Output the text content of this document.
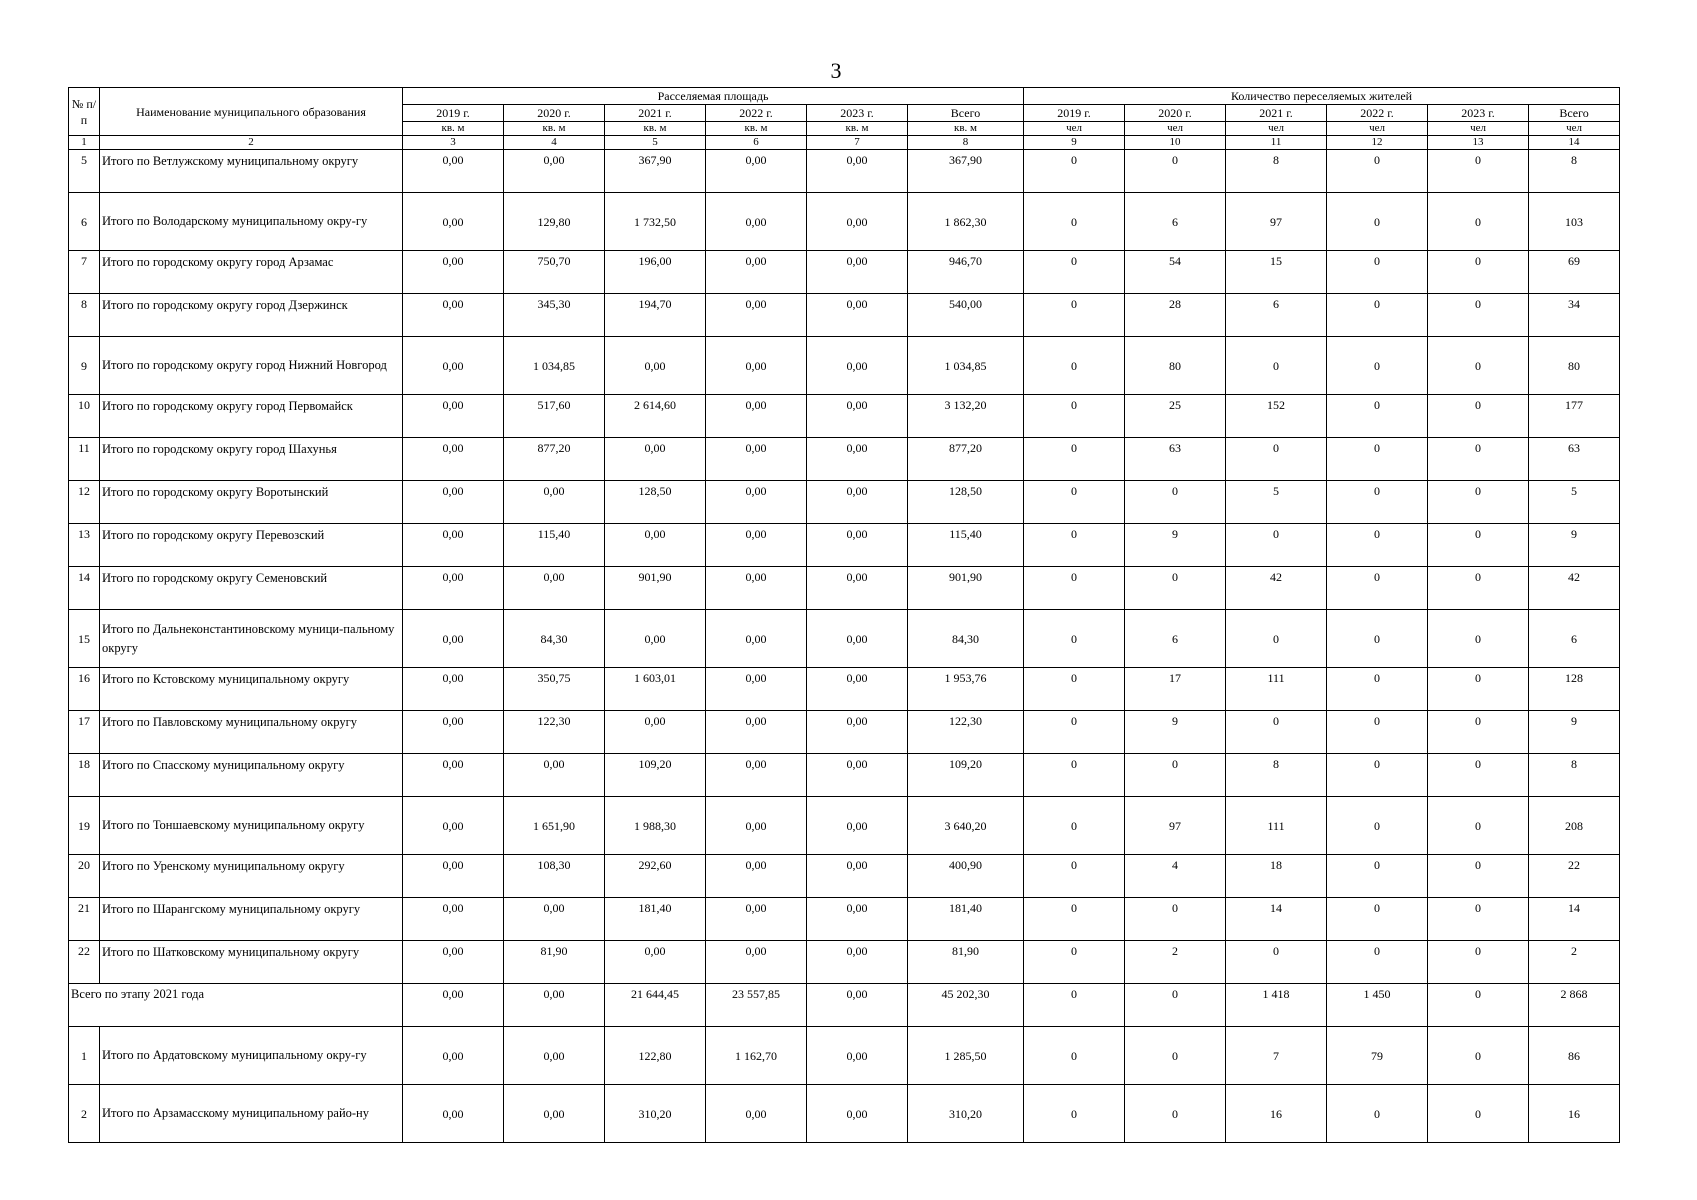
3
№ п/п	Наименование муниципального образования	Расселяемая площадь						Количество переселяемых жителей					
		2019 г.	2020 г.	2021 г.	2022 г.	2023 г.	Всего	2019 г.	2020 г.	2021 г.	2022 г.	2023 г.	Всего
		кв. м	кв. м	кв. м	кв. м	кв. м	кв. м	чел	чел	чел	чел	чел	чел
1	2	3	4	5	6	7	8	9	10	11	12	13	14
5	Итого по Ветлужскому муниципальному округу	0,00	0,00	367,90	0,00	0,00	367,90	0	0	8	0	0	8
6	Итого по Володарскому муниципальному окру-гу	0,00	129,80	1 732,50	0,00	0,00	1 862,30	0	6	97	0	0	103
7	Итого по городскому округу город Арзамас	0,00	750,70	196,00	0,00	0,00	946,70	0	54	15	0	0	69
8	Итого по городскому округу город Дзержинск	0,00	345,30	194,70	0,00	0,00	540,00	0	28	6	0	0	34
9	Итого по городскому округу город Нижний Новгород	0,00	1 034,85	0,00	0,00	0,00	1 034,85	0	80	0	0	0	80
10	Итого по городскому округу город Первомайск	0,00	517,60	2 614,60	0,00	0,00	3 132,20	0	25	152	0	0	177
11	Итого по городскому округу город Шахунья	0,00	877,20	0,00	0,00	0,00	877,20	0	63	0	0	0	63
12	Итого по городскому округу Воротынский	0,00	0,00	128,50	0,00	0,00	128,50	0	0	5	0	0	5
13	Итого по городскому округу Перевозский	0,00	115,40	0,00	0,00	0,00	115,40	0	9	0	0	0	9
14	Итого по городскому округу Семеновский	0,00	0,00	901,90	0,00	0,00	901,90	0	0	42	0	0	42
15	Итого по Дальнеконстантиновскому муници-пальному округу	0,00	84,30	0,00	0,00	0,00	84,30	0	6	0	0	0	6
16	Итого по Кстовскому муниципальному округу	0,00	350,75	1 603,01	0,00	0,00	1 953,76	0	17	111	0	0	128
17	Итого по Павловскому муниципальному округу	0,00	122,30	0,00	0,00	0,00	122,30	0	9	0	0	0	9
18	Итого по Спасскому муниципальному округу	0,00	0,00	109,20	0,00	0,00	109,20	0	0	8	0	0	8
19	Итого по Тоншаевскому муниципальному округу	0,00	1 651,90	1 988,30	0,00	0,00	3 640,20	0	97	111	0	0	208
20	Итого по Уренскому муниципальному округу	0,00	108,30	292,60	0,00	0,00	400,90	0	4	18	0	0	22
21	Итого по Шарангскому муниципальному округу	0,00	0,00	181,40	0,00	0,00	181,40	0	0	14	0	0	14
22	Итого по Шатковскому муниципальному округу	0,00	81,90	0,00	0,00	0,00	81,90	0	2	0	0	0	2
Всего по этапу 2021 года		0,00	0,00	21 644,45	23 557,85	0,00	45 202,30	0	0	1 418	1 450	0	2 868
1	Итого по Ардатовскому муниципальному окру-гу	0,00	0,00	122,80	1 162,70	0,00	1 285,50	0	0	7	79	0	86
2	Итого по Арзамасскому муниципальному райо-ну	0,00	0,00	310,20	0,00	0,00	310,20	0	0	16	0	0	16
